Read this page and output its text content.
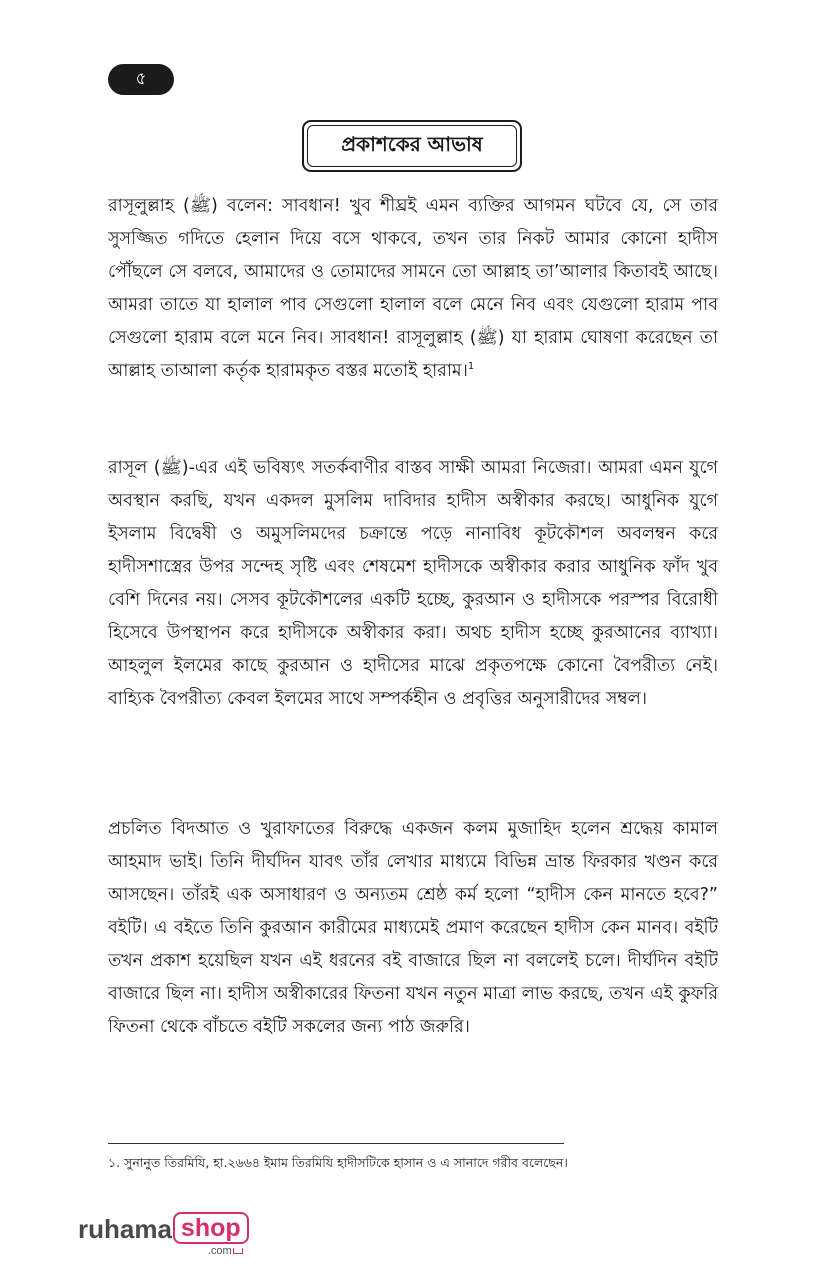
৫
প্রকাশকের আভাষ

রাসূলুল্লাহ (ﷺ) বলেন: সাবধান! খুব শীঘ্রই এমন ব্যক্তির আগমন ঘটবে যে, সে তার সুসজ্জিত গদিতে হেলান দিয়ে বসে থাকবে, তখন তার নিকট আমার কোনো হাদীস পৌঁছলে সে বলবে, আমাদের ও তোমাদের সামনে তো আল্লাহ তা’আলার কিতাবই আছে। আমরা তাতে যা হালাল পাব সেগুলো হালাল বলে মেনে নিব এবং যেগুলো হারাম পাব সেগুলো হারাম বলে মনে নিব। সাবধান! রাসূলুল্লাহ (ﷺ) যা হারাম ঘোষণা করেছেন তা আল্লাহ তাআলা কর্তৃক হারামকৃত বস্তর মতোই হারাম।$^1$

রাসূল (ﷺ)-এর এই ভবিষ্যৎ সতর্কবাণীর বাস্তব সাক্ষী আমরা নিজেরা। আমরা এমন যুগে অবস্থান করছি, যখন একদল মুসলিম দাবিদার হাদীস অস্বীকার করছে। আধুনিক যুগে ইসলাম বিদ্বেষী ও অমুসলিমদের চক্রান্তে পড়ে নানাবিধ কূটকৌশল অবলম্বন করে হাদীসশাস্ত্রের উপর সন্দেহ সৃষ্টি এবং শেষমেশ হাদীসকে অস্বীকার করার আধুনিক ফাঁদ খুব বেশি দিনের নয়। সেসব কূটকৌশলের একটি হচ্ছে, কুরআন ও হাদীসকে পরস্পর বিরোধী হিসেবে উপস্থাপন করে হাদীসকে অস্বীকার করা। অথচ হাদীস হচ্ছে কুরআনের ব্যাখ্যা। আহলুল ইলমের কাছে কুরআন ও হাদীসের মাঝে প্রকৃতপক্ষে কোনো বৈপরীত্য নেই। বাহ্যিক বৈপরীত্য কেবল ইলমের সাথে সম্পর্কহীন ও প্রবৃত্তির অনুসারীদের সম্বল।

প্রচলিত বিদআত ও খুরাফাতের বিরুদ্ধে একজন কলম মুজাহিদ হলেন শ্রদ্ধেয় কামাল আহমাদ ভাই। তিনি দীর্ঘদিন যাবৎ তাঁর লেখার মাধ্যমে বিভিন্ন ভ্রান্ত ফিরকার খণ্ডন করে আসছেন। তাঁরই এক অসাধারণ ও অন্যতম শ্রেষ্ঠ কর্ম হলো “হাদীস কেন মানতে হবে?” বইটি। এ বইতে তিনি কুরআন কারীমের মাধ্যমেই প্রমাণ করেছেন হাদীস কেন মানব। বইটি তখন প্রকাশ হয়েছিল যখন এই ধরনের বই বাজারে ছিল না বললেই চলে। দীর্ঘদিন বইটি বাজারে ছিল না। হাদীস অস্বীকারের ফিতনা যখন নতুন মাত্রা লাভ করছে, তখন এই কুফরি ফিতনা থেকে বাঁচতে বইটি সকলের জন্য পাঠ জরুরি।

১. সুনানুত তিরমিযি, হা.২৬৬৪ ইমাম তিরমিযি হাদীসটিকে হাসান ও এ সানাদে গরীব বলেছেন।
ruhama shop
.com
